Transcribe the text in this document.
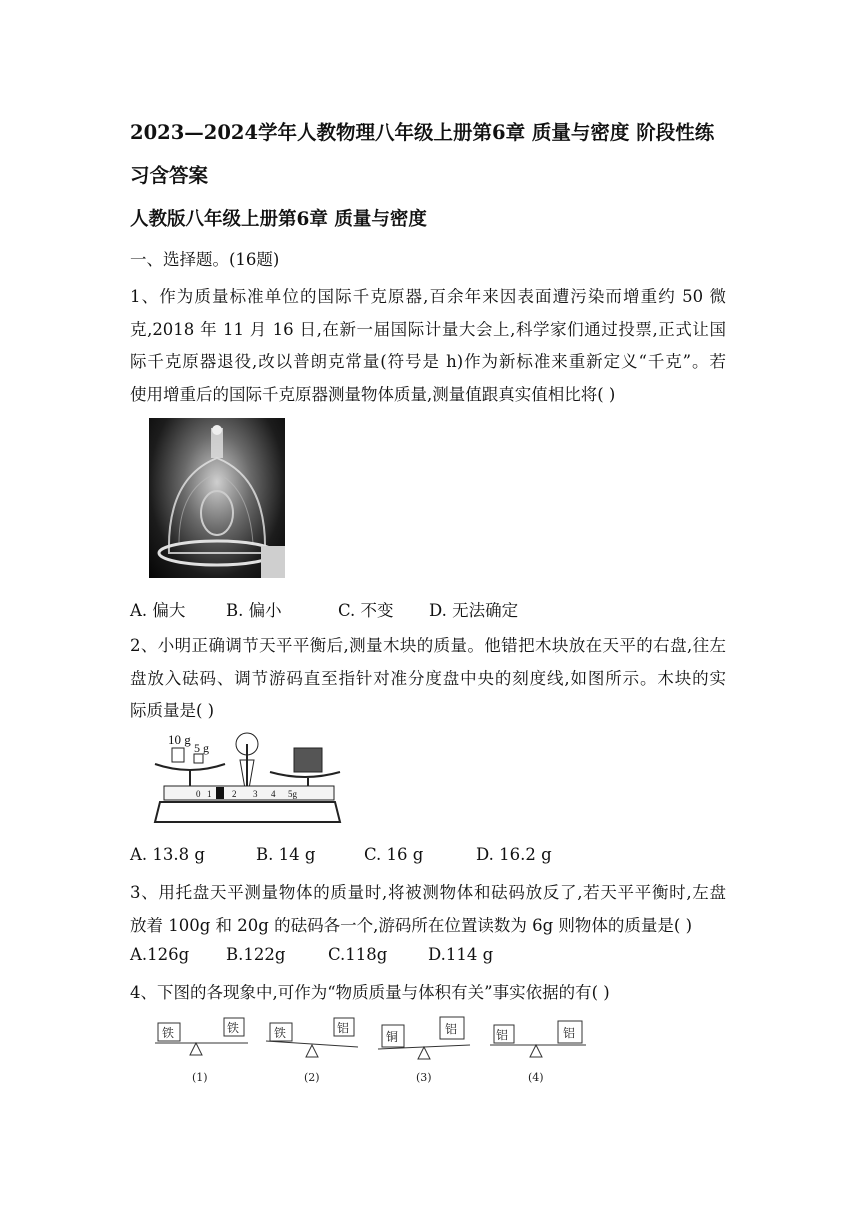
2023—2024学年人教物理八年级上册第6章 质量与密度 阶段性练
习含答案
人教版八年级上册第6章 质量与密度
一、选择题。(16题)
1、作为质量标准单位的国际千克原器,百余年来因表面遭污染而增重约 50 微
克,2018 年 11 月 16 日,在新一届国际计量大会上,科学家们通过投票,正式让国
际千克原器退役,改以普朗克常量(符号是 h)作为新标准来重新定义“千克”。若
使用增重后的国际千克原器测量物体质量,测量值跟真实值相比将( )
A. 偏大 B. 偏小	C. 不变 D. 无法确定
2、小明正确调节天平平衡后,测量木块的质量。他错把木块放在天平的右盘,往左
盘放入砝码、调节游码直至指针对准分度盘中央的刻度线,如图所示。木块的实
际质量是( )
10 g
5 g
0 1 2 3 4 5g
A. 13.8 g	B. 14 g	C. 16 g	D. 16.2 g
3、用托盘天平测量物体的质量时,将被测物体和砝码放反了,若天平平衡时,左盘
放着 100g 和 20g 的砝码各一个,游码所在位置读数为 6g 则物体的质量是( )
A.126g B.122g	C.118g D.114 g
4、下图的各现象中,可作为“物质质量与体积有关”事实依据的有( )
铁	铁
(1)
铁	铝
(2)
铜
铝
(3)
铝	铝
(4)
